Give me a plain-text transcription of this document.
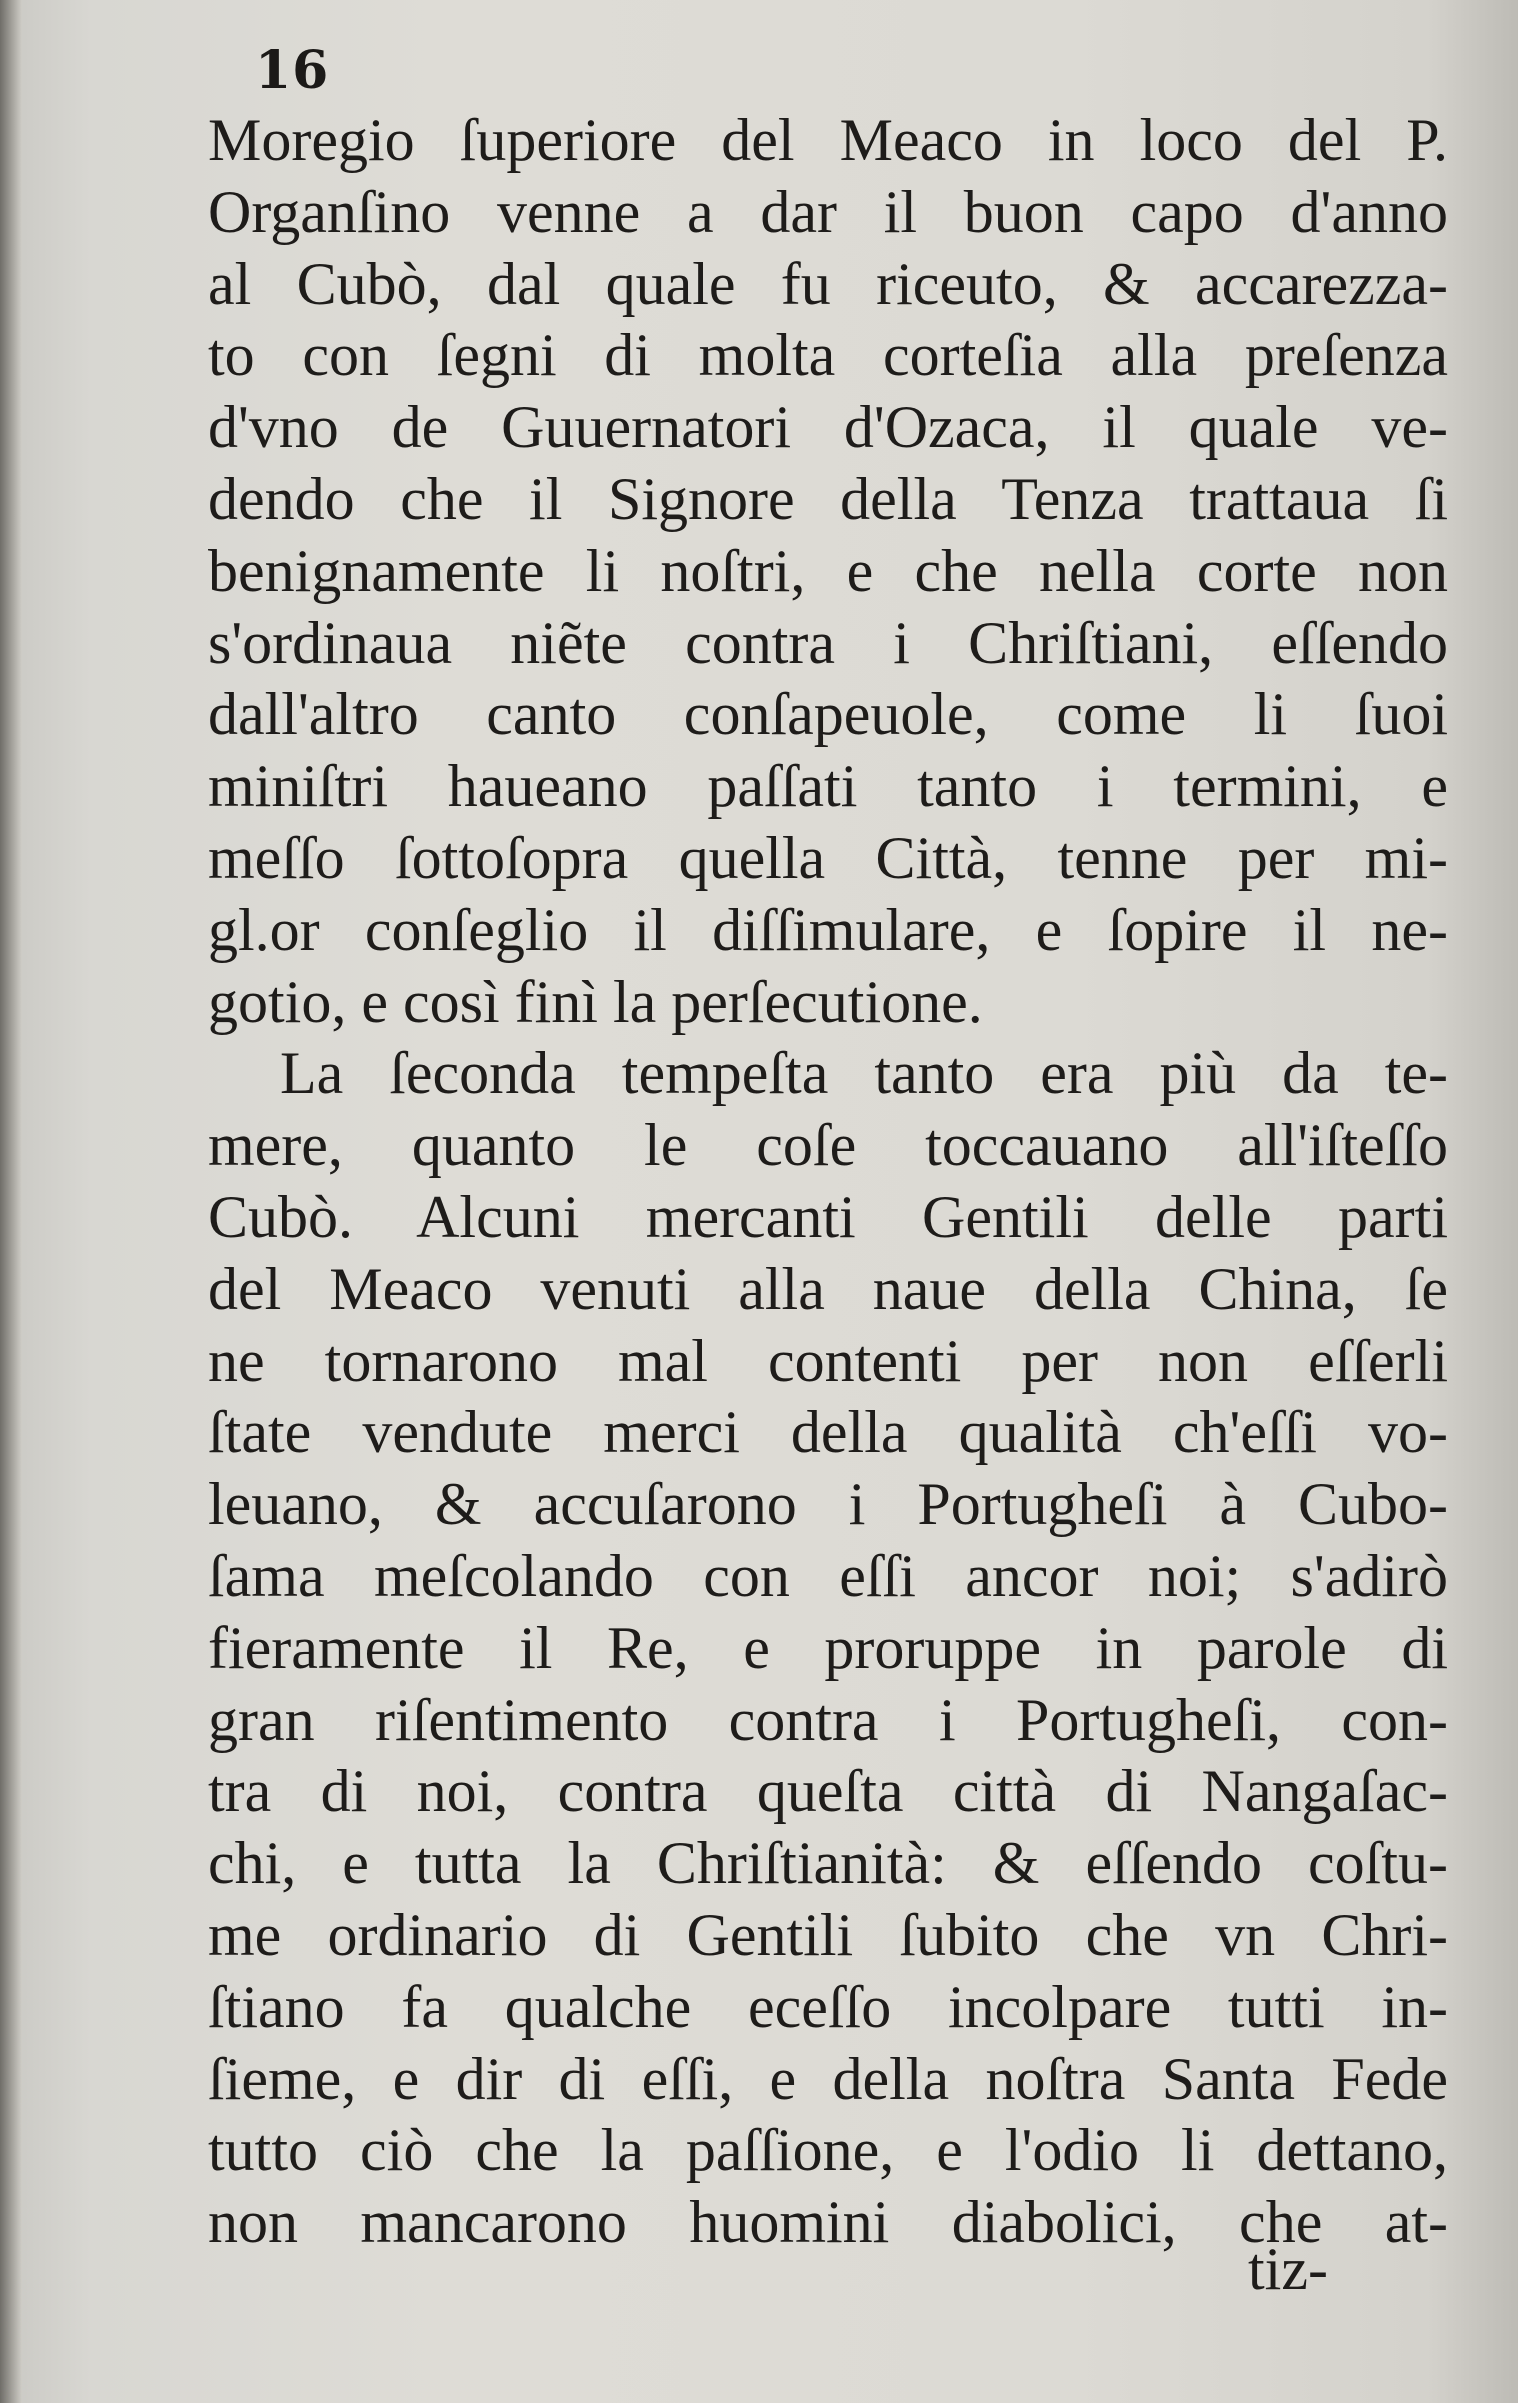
16
Moregio ſuperiore del Meaco in loco del P.
Organſino venne a dar il buon capo d'anno
al Cubò, dal quale fu riceuto, & accarezza-
to con ſegni di molta corteſia alla preſenza
d'vno de Guuernatori d'Ozaca, il quale ve-
dendo che il Signore della Tenza trattaua ſi
benignamente li noſtri, e che nella corte non
s'ordinaua niẽte contra i Chriſtiani, eſſendo
dall'altro canto conſapeuole, come li ſuoi
miniſtri haueano paſſati tanto i termini, e
meſſo ſottoſopra quella Città, tenne per mi-
gl.or conſeglio il diſſimulare, e ſopire il ne-
gotio, e così finì la perſecutione.
La ſeconda tempeſta tanto era più da te-
mere, quanto le coſe toccauano all'iſteſſo
Cubò. Alcuni mercanti Gentili delle parti
del Meaco venuti alla naue della China, ſe
ne tornarono mal contenti per non eſſerli
ſtate vendute merci della qualità ch'eſſi vo-
leuano, & accuſarono i Portugheſi à Cubo-
ſama meſcolando con eſſi ancor noi; s'adirò
fieramente il Re, e proruppe in parole di
gran riſentimento contra i Portugheſi, con-
tra di noi, contra queſta città di Nangaſac-
chi, e tutta la Chriſtianità: & eſſendo coſtu-
me ordinario di Gentili ſubito che vn Chri-
ſtiano fa qualche eceſſo incolpare tutti in-
ſieme, e dir di eſſi, e della noſtra Santa Fede
tutto ciò che la paſſione, e l'odio li dettano,
non mancarono huomini diabolici, che at-
tiz-
